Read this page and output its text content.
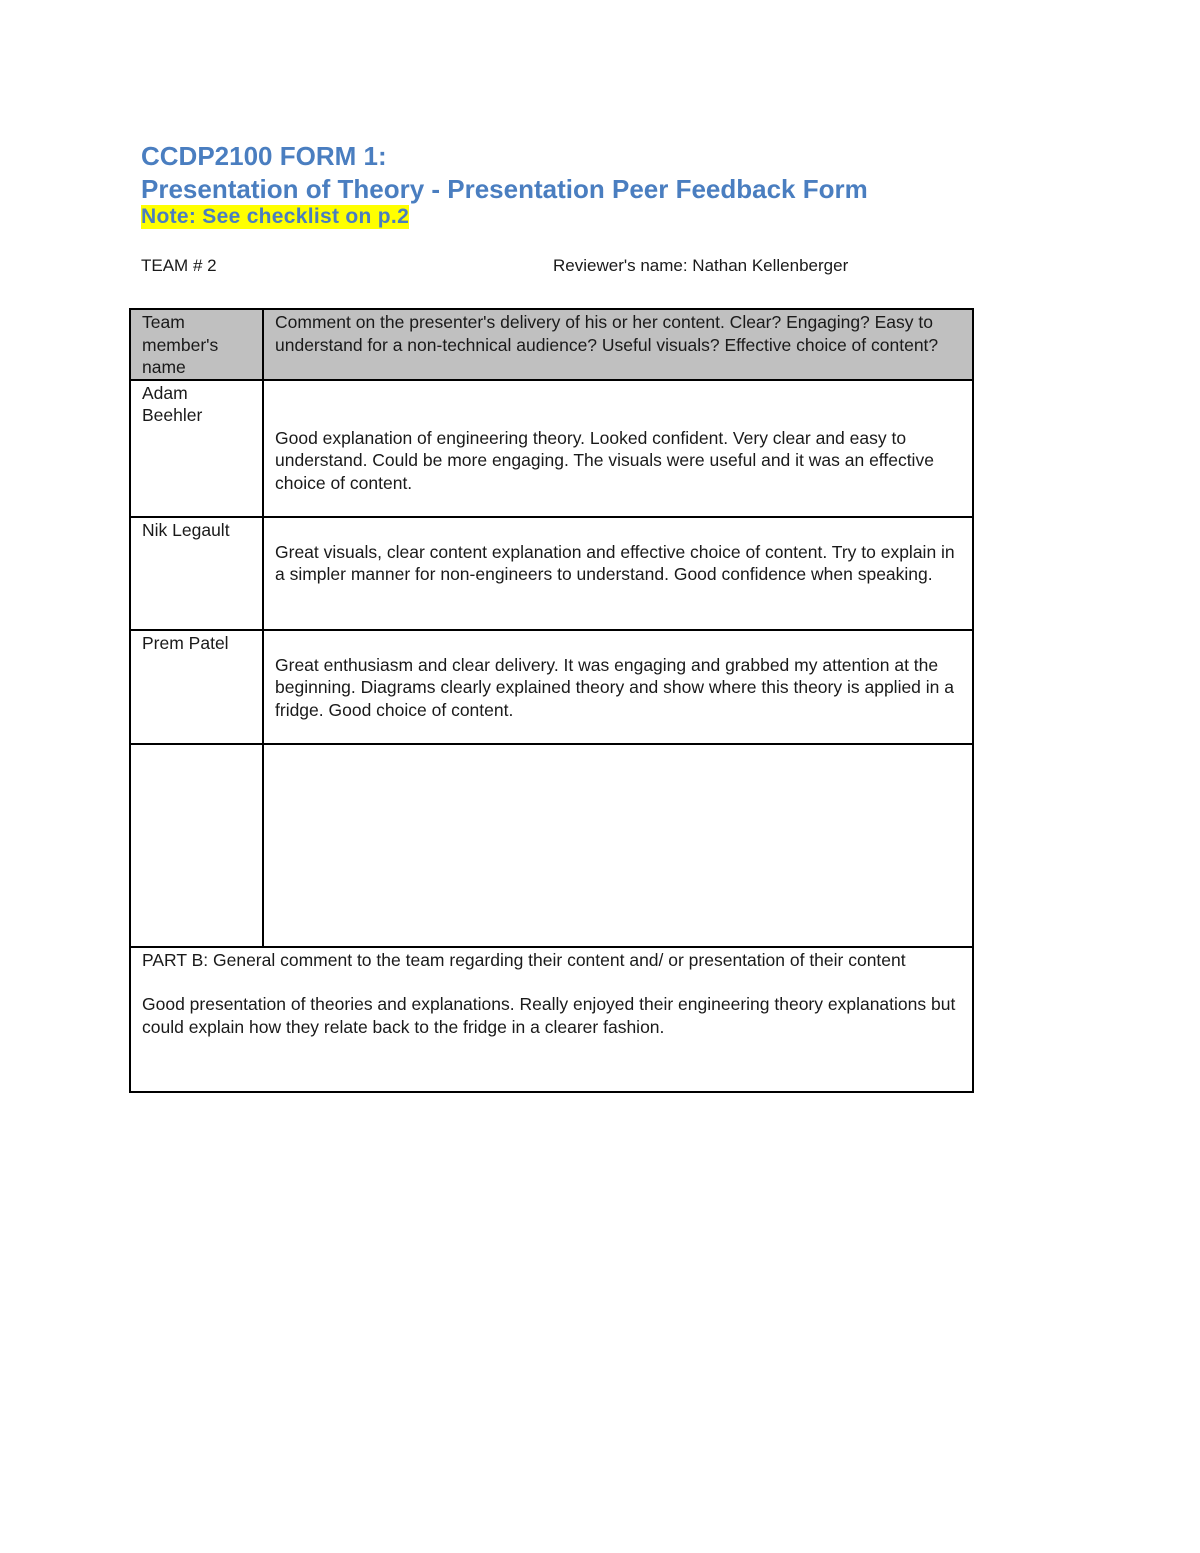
CCDP2100 FORM 1:
Presentation of Theory - Presentation Peer Feedback Form
Note: See checklist on p.2
TEAM # 2	Reviewer's name: Nathan Kellenberger
Team member's name	Comment on the presenter's delivery of his or her content. Clear? Engaging? Easy to understand for a non-technical audience? Useful visuals? Effective choice of content?
Adam Beehler	Good explanation of engineering theory. Looked confident. Very clear and easy to understand. Could be more engaging. The visuals were useful and it was an effective choice of content.

Nik Legault	Great visuals, clear content explanation and effective choice of content. Try to explain in a simpler manner for non-engineers to understand. Good confidence when speaking.

Prem Patel	Great enthusiasm and clear delivery. It was engaging and grabbed my attention at the beginning. Diagrams clearly explained theory and show where this theory is applied in a fridge. Good choice of content.

PART B: General comment to the team regarding their content and/ or presentation of their content
Good presentation of theories and explanations. Really enjoyed their engineering theory explanations but could explain how they relate back to the fridge in a clearer fashion.	
